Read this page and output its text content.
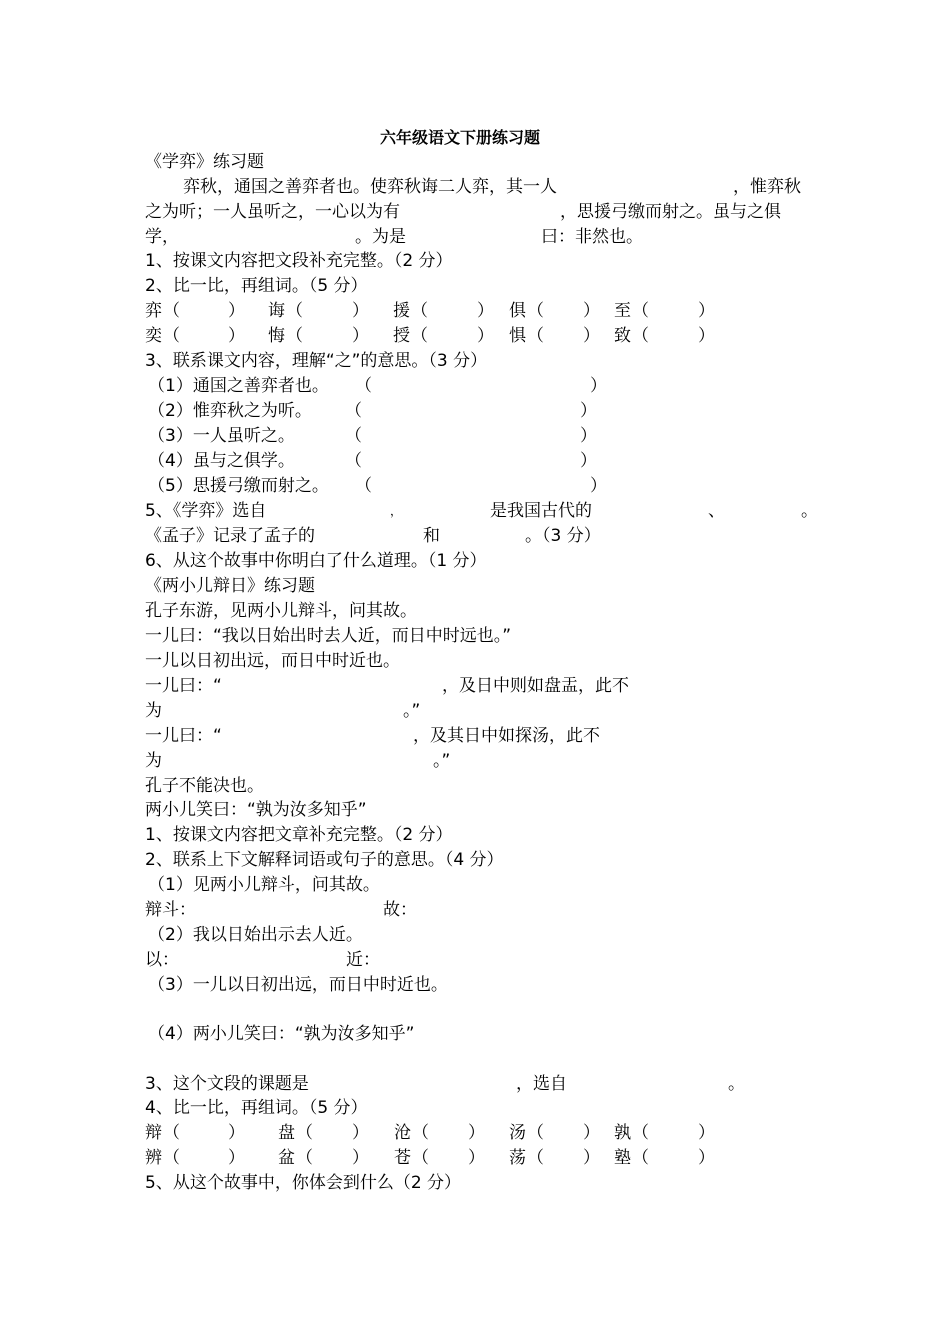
六年级语文下册练习题
《学弈》练习题
弈秋，通国之善弈者也。使弈秋诲二人弈，其一人	，惟弈秋
之为听；一人虽听之，一心以为有	，思援弓缴而射之。虽与之俱
学，	。为是	曰：非然也。
1、按课文内容把文段补充完整。（2 分）
2、比一比，再组词。（5 分）
弈 （	） 诲 （	） 援 （	） 俱 （ ） 至 （	）
奕 （	） 悔 （	） 授 （	） 惧 （ ） 致 （	）
3、联系课文内容，理解“之”的意思。（3 分）
（1）通国之善弈者也。 （	）
（2）惟弈秋之为听。 （	）
（3）一人虽听之。	（	）
（4）虽与之俱学。	（	）
（5）思援弓缴而射之。 （	）
5、《学弈》选自	，	是我国古代的	、	。
《孟子》记录了孟子的	和	。（3 分）
6、从这个故事中你明白了什么道理。（1 分）
《两小儿辩日》练习题
孔子东游，见两小儿辩斗，问其故。
一儿曰：“我以日始出时去人近，而日中时远也。”
一儿以日初出远，而日中时近也。
一儿曰：“	，及日中则如盘盂，此不
为	。”
一儿曰：“	，及其日中如探汤，此不
为	。”
孔子不能决也。
两小儿笑曰：“孰为汝多知乎”
1、按课文内容把文章补充完整。（2 分）
2、联系上下文解释词语或句子的意思。（4 分）
（1）见两小儿辩斗，问其故。
辩斗：	故：
（2）我以日始出示去人近。
以：	近：
（3）一儿以日初出远，而日中时近也。
（4）两小儿笑曰：“孰为汝多知乎”
3、这个文段的课题是	，选自	。
4、比一比，再组词。（5 分）
辩 （	） 盘 （ ） 沧 （ ） 汤 （ ） 孰 （	）
辨 （	） 盆 （ ） 苍 （ ） 荡 （ ） 塾 （	）
5、从这个故事中，你体会到什么（2 分）
